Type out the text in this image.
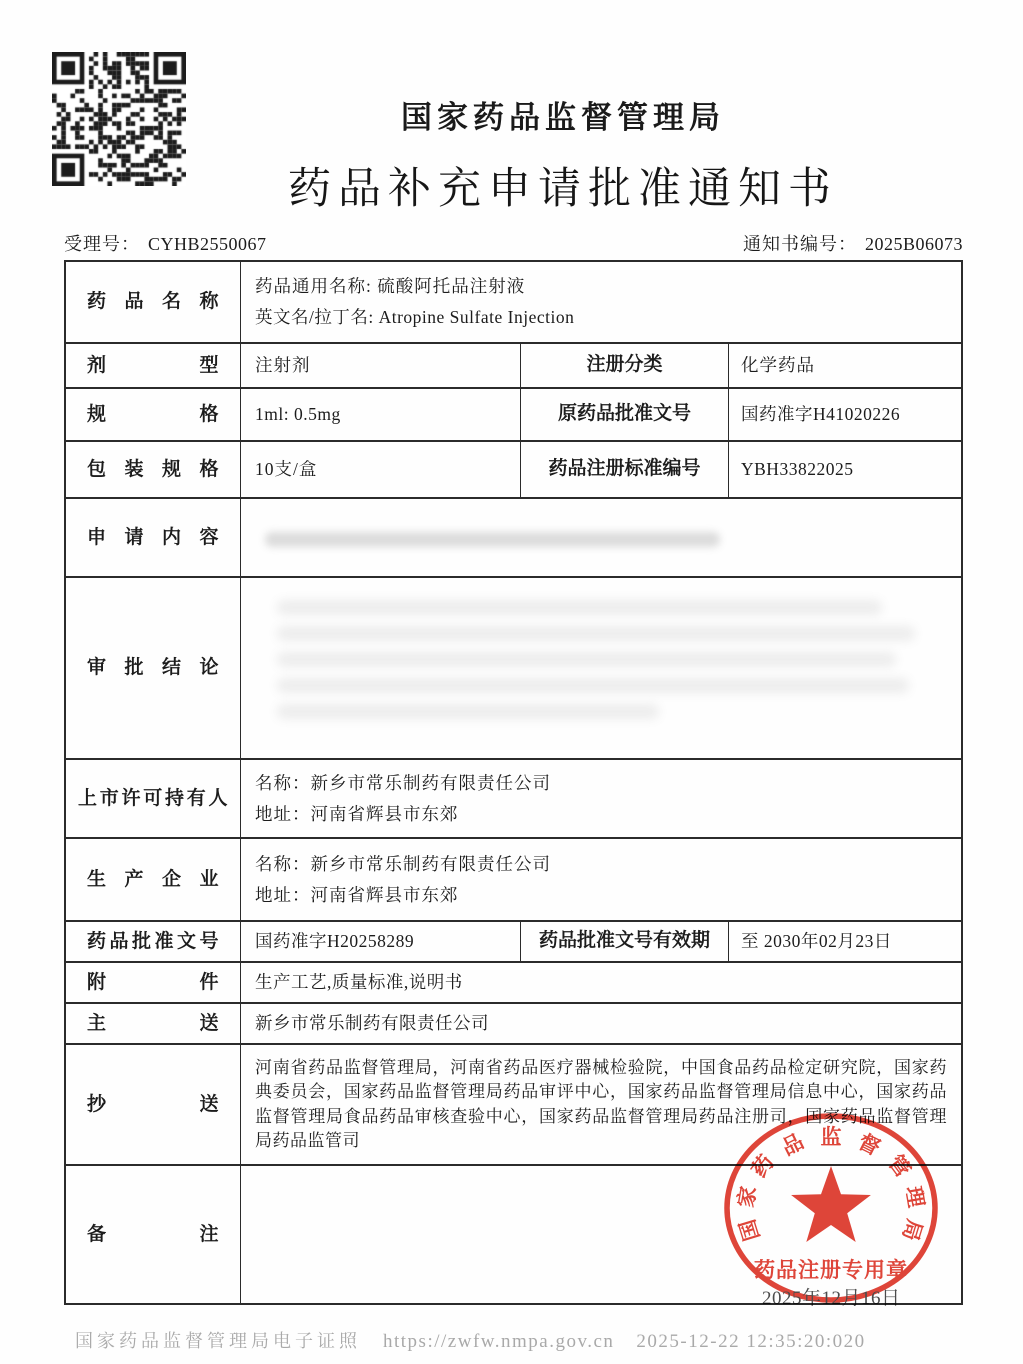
国家药品监督管理局
药品补充申请批准通知书
受理号： CYHB2550067	通知书编号： 2025B06073
药品名称
药品通用名称: 硫酸阿托品注射液
英文名/拉丁名: Atropine Sulfate Injection
剂型 注射剂	注册分类	化学药品
规格 1ml: 0.5mg	原药品批准文号	国药准字H41020226
包装规格 10支/盒	药品注册标准编号 YBH33822025
申请内容
审批结论
上市许可持有人
名称：新乡市常乐制药有限责任公司
地址：河南省辉县市东郊
生产企业
名称：新乡市常乐制药有限责任公司
地址：河南省辉县市东郊
药品批准文号 国药准字H20258289	药品批准文号有效期 至 2030年02月23日
附件 生产工艺,质量标准,说明书
主送 新乡市常乐制药有限责任公司
抄送
河南省药品监督管理局，河南省药品医疗器械检验院，中国食品药品检定研究院，国家药典委员会，国家药品监督管理局药品审评中心，国家药品监督管理局信息中心，国家药品监督管理局食品药品审核查验中心，国家药品监督管理局药品注册司，国家药品监督管理局药品监管司
备注	国
家
药
品 监 督
管
理
局
药品注册专用章
2025年12月16日
国家药品监督管理局电子证照 https://zwfw.nmpa.gov.cn 2025-12-22 12:35:20:020
